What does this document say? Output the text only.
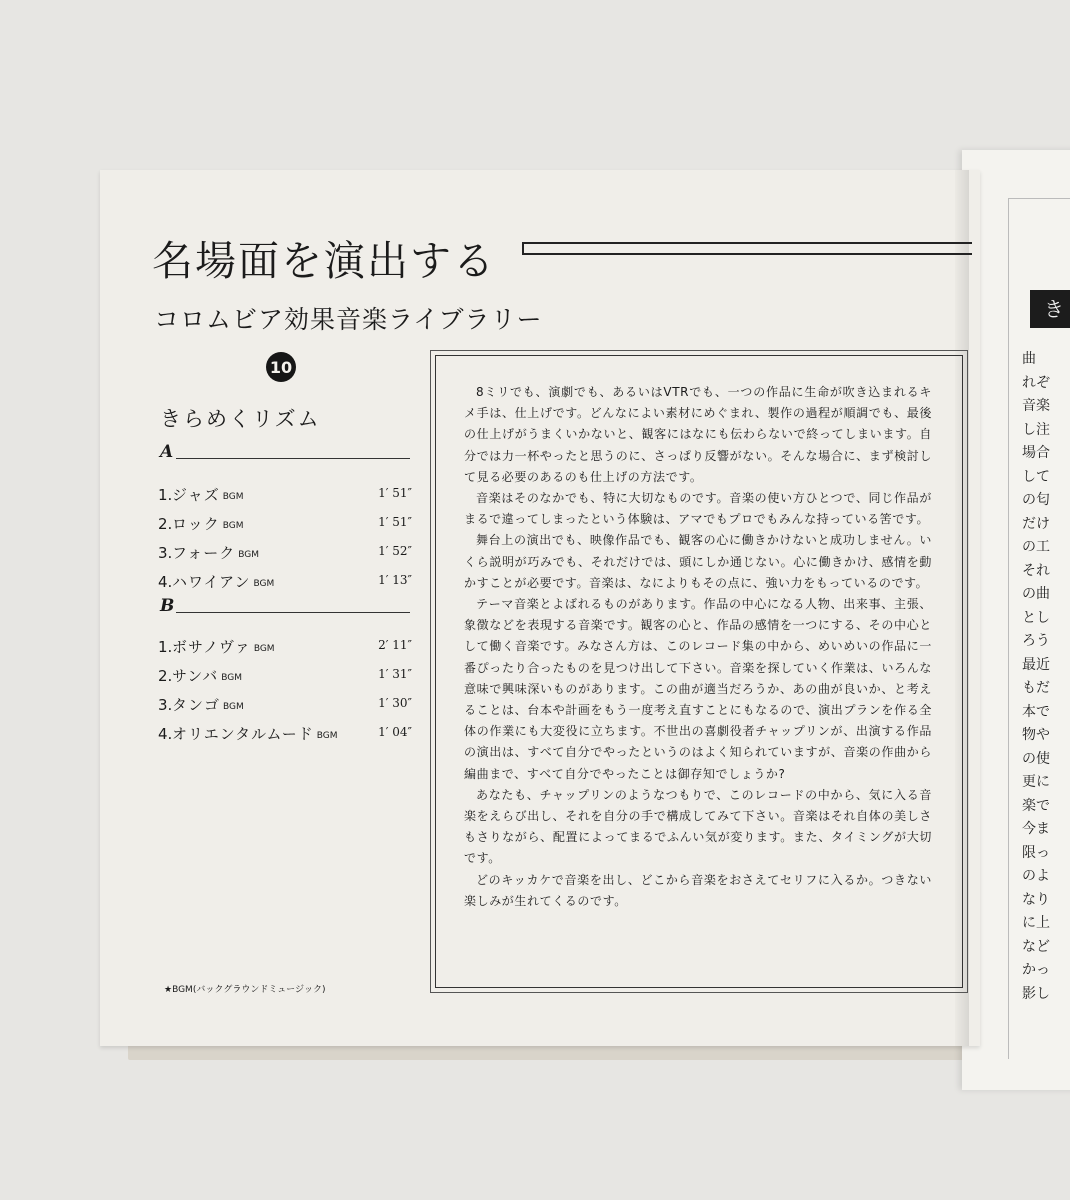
き
曲
れぞ
音楽
し注
場合
して
の匂
だけ
の工
それ
の曲
とし
ろう
最近
もだ
本で
物や
の使
更に
楽で
今ま
限っ
のよ
なり
に上
など
かっ
影し
名場面を演出する
コロムビア効果音楽ライブラリー
10
きらめくリズム
A
1.ジャズ BGM	1′ 51″
2.ロック BGM	1′ 51″
3.フォーク BGM	1′ 52″
4.ハワイアン BGM	1′ 13″
B
1.ボサノヴァ BGM	2′ 11″
2.サンバ BGM	1′ 31″
3.タンゴ BGM	1′ 30″
4.オリエンタルムード BGM	1′ 04″
★BGM(バックグラウンドミュージック)

8ミリでも、演劇でも、あるいはVTRでも、一つの作品に生命が吹き込まれるキメ手は、仕上げです。どんなによい素材にめぐまれ、製作の過程が順調でも、最後の仕上げがうまくいかないと、観客にはなにも伝わらないで終ってしまいます。自分では力一杯やったと思うのに、さっぱり反響がない。そんな場合に、まず検討して見る必要のあるのも仕上げの方法です。

音楽はそのなかでも、特に大切なものです。音楽の使い方ひとつで、同じ作品がまるで違ってしまったという体験は、アマでもプロでもみんな持っている筈です。

舞台上の演出でも、映像作品でも、観客の心に働きかけないと成功しません。いくら説明が巧みでも、それだけでは、頭にしか通じない。心に働きかけ、感情を動かすことが必要です。音楽は、なによりもその点に、強い力をもっているのです。

テーマ音楽とよばれるものがあります。作品の中心になる人物、出来事、主張、象徴などを表現する音楽です。観客の心と、作品の感情を一つにする、その中心として働く音楽です。みなさん方は、このレコード集の中から、めいめいの作品に一番ぴったり合ったものを見つけ出して下さい。音楽を探していく作業は、いろんな意味で興味深いものがあります。この曲が適当だろうか、あの曲が良いか、と考えることは、台本や計画をもう一度考え直すことにもなるので、演出プランを作る全体の作業にも大変役に立ちます。不世出の喜劇役者チャップリンが、出演する作品の演出は、すべて自分でやったというのはよく知られていますが、音楽の作曲から編曲まで、すべて自分でやったことは御存知でしょうか?

あなたも、チャップリンのようなつもりで、このレコードの中から、気に入る音楽をえらび出し、それを自分の手で構成してみて下さい。音楽はそれ自体の美しさもさりながら、配置によってまるでふんい気が変ります。また、タイミングが大切です。

どのキッカケで音楽を出し、どこから音楽をおさえてセリフに入るか。つきない楽しみが生れてくるのです。
